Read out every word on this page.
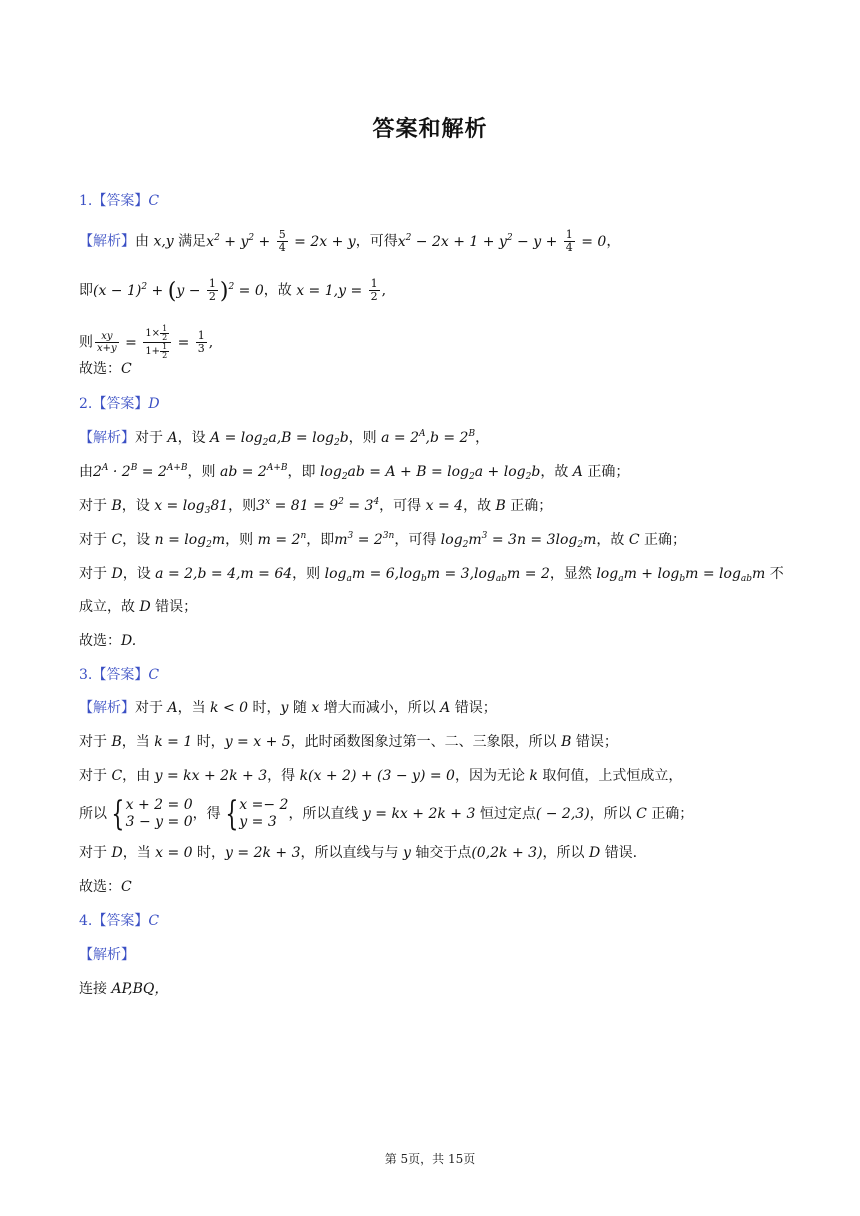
答案和解析
1.【答案】C
【解析】由 x,y 满足$x^2 + y^2 + \frac{5}{4} = 2x + y$，可得$x^2 - 2x + 1 + y^2 - y + \frac{1}{4} = 0$，
即$(x - 1)^2 + (y - \frac{1}{2} )^2 = 0$，故 $x = 1,y = \frac{1}{2}$ ,
则 $\frac{xy}{x+y} = \frac{1\times \frac{1}{2}}{1+ \frac{1}{2}} = \frac{1}{3}$ ,
故选：C
2.【答案】D
【解析】对于 A，设 $A = \log_2a,B = \log_2b$，则 $a = 2^A,b = 2^B$，
由$2^A \cdot 2^B = 2^{A+B}$，则 ab = $2^{A+B}$，即 $\log_2ab = A + B = \log_2a + \log_2b$，故 A 正确；
对于 B，设 $x = \log_381$，则$3^x = 81 = 9^2 = 3^4$，可得 x = 4，故 B 正确；
对于 C，设 $n = \log_2m$，则 $m = 2^n$，即$m^3 = 2^{3n}$，可得 $\log_2m^3 = 3n = 3\log_2m$，故 C 正确；
对于 D，设 a = 2,b = 4,m = 64，则 $\log_am = 6,\log_bm = 3,\log_{ab}m = 2$，显然 $\log_am + \log_bm = \log_{ab}m$ 不
成立，故 D 错误；
故选：D.
3.【答案】C
【解析】对于 A，当 k < 0 时，y 随 x 增大而减小，所以 A 错误；
对于 B，当 k = 1 时，y = x + 5，此时函数图象过第一、二、三象限，所以 B 错误；
对于 C，由 y = kx + 2k + 3，得 k(x + 2) + (3 − y) = 0，因为无论 k 取何值，上式恒成立，
所以 { x + 2 = 0
3 − y = 0 ，得 { x =− 2
y = 3 ，所以直线 y = kx + 2k + 3 恒过定点( − 2,3)，所以 C 正确；
对于 D，当 x = 0 时，y = 2k + 3，所以直线与与 y 轴交于点(0,2k + 3)，所以 D 错误.
故选：C
4.【答案】C
【解析】
连接 AP,BQ，
第 5页，共 15页
